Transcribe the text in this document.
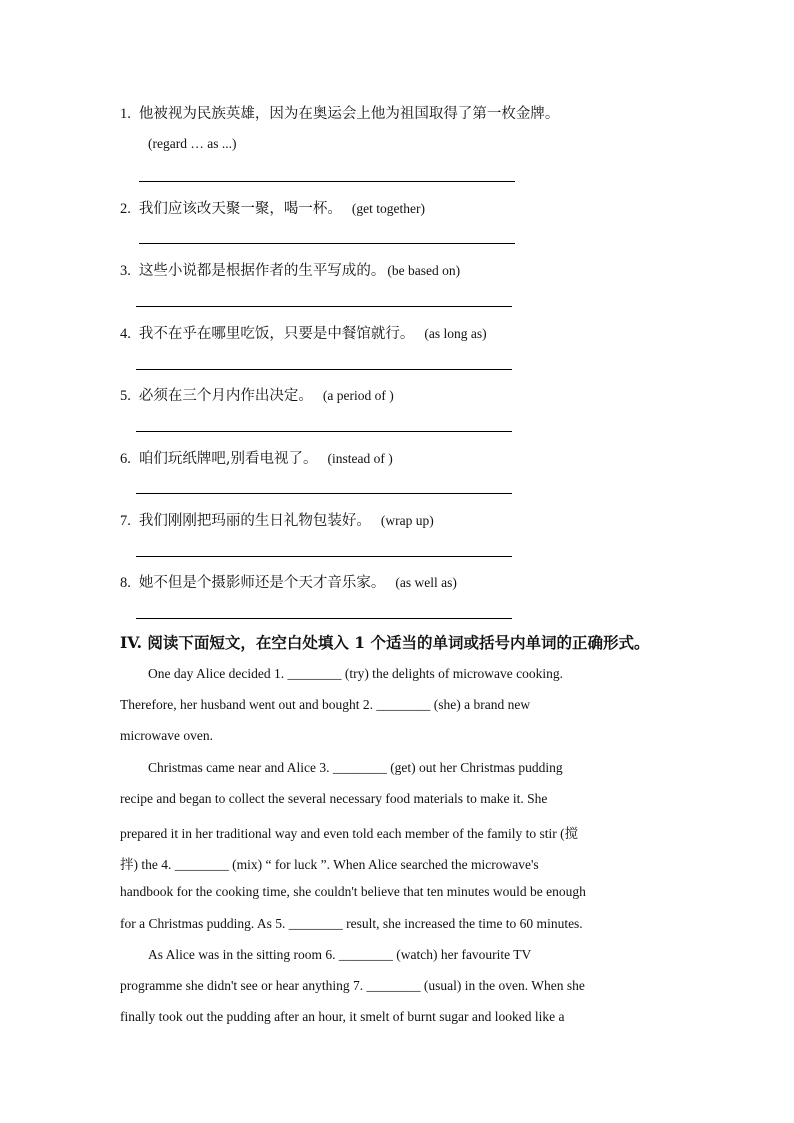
1. 他被视为民族英雄，因为在奥运会上他为祖国取得了第一枚金牌。
(regard … as ...)
2. 我们应该改天聚一聚，喝一杯。 (get together)
3. 这些小说都是根据作者的生平写成的。 (be based on)
4. 我不在乎在哪里吃饭，只要是中餐馆就行。 (as long as)
5. 必须在三个月内作出决定。 (a period of )
6. 咱们玩纸牌吧,别看电视了。 (instead of )
7. 我们刚刚把玛丽的生日礼物包装好。 (wrap up)
8. 她不但是个摄影师还是个天才音乐家。 (as well as)
IV. 阅读下面短文，在空白处填入 1 个适当的单词或括号内单词的正确形式。
One day Alice decided 1. ________ (try) the delights of microwave cooking.
Therefore, her husband went out and bought 2. ________ (she) a brand new
microwave oven.
Christmas came near and Alice 3. ________ (get) out her Christmas pudding
recipe and began to collect the several necessary food materials to make it. She
prepared it in her traditional way and even told each member of the family to stir (搅
拌) the 4. ________ (mix) “ for luck ”. When Alice searched the microwave's
handbook for the cooking time, she couldn't believe that ten minutes would be enough
for a Christmas pudding. As 5. ________ result, she increased the time to 60 minutes.
As Alice was in the sitting room 6. ________ (watch) her favourite TV
programme she didn't see or hear anything 7. ________ (usual) in the oven. When she
finally took out the pudding after an hour, it smelt of burnt sugar and looked like a
